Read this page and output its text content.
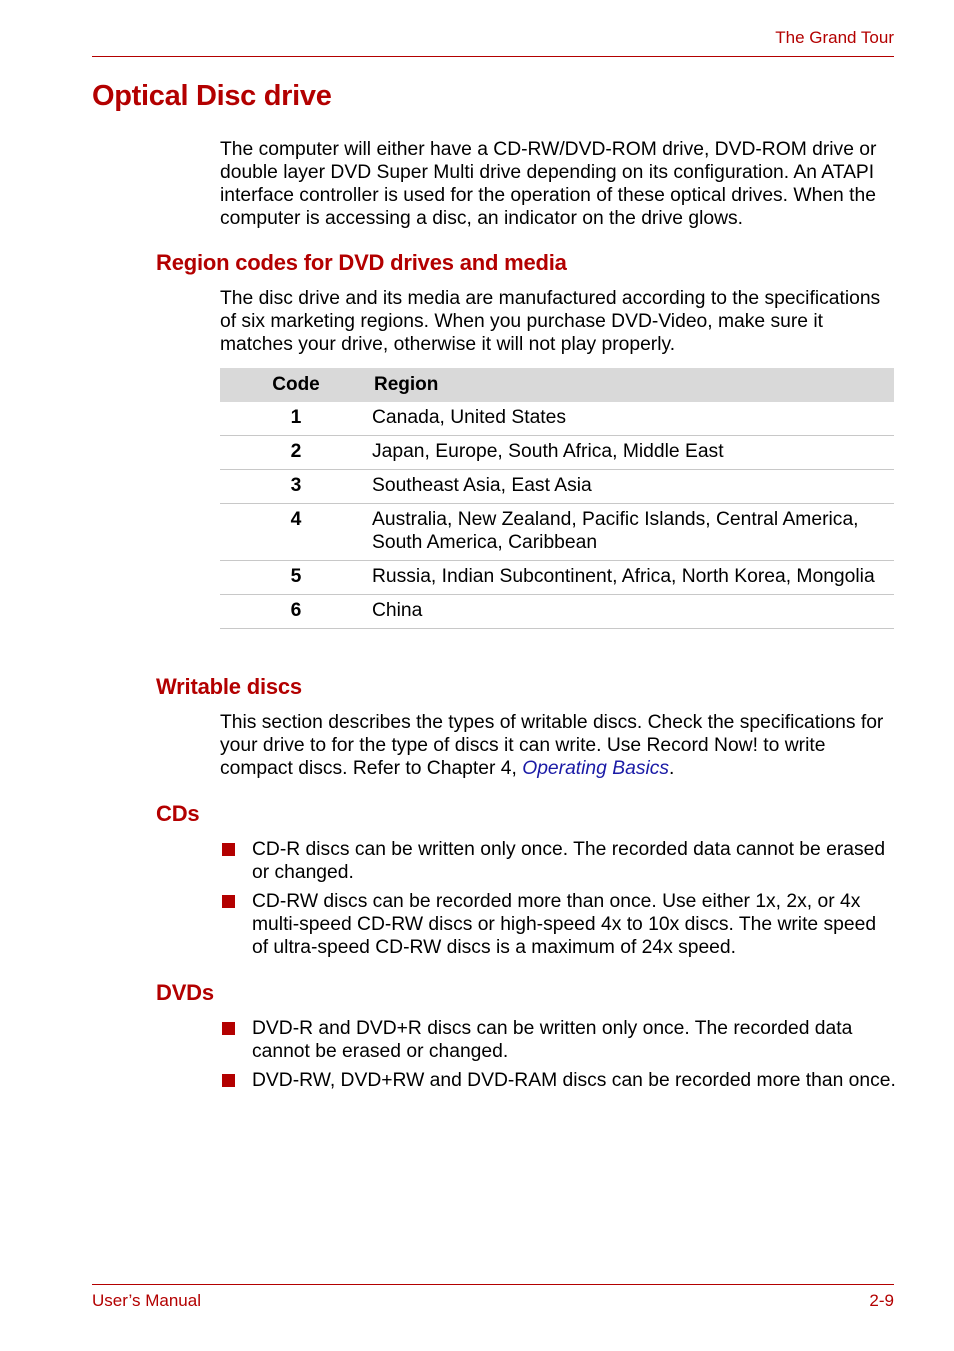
The Grand Tour
Optical Disc drive

The computer will either have a CD-RW/DVD-ROM drive, DVD-ROM drive or double layer DVD Super Multi drive depending on its configuration. An ATAPI interface controller is used for the operation of these optical drives. When the computer is accessing a disc, an indicator on the drive glows.

Region codes for DVD drives and media

The disc drive and its media are manufactured according to the specifications of six marketing regions. When you purchase DVD-Video, make sure it matches your drive, otherwise it will not play properly.

Code	Region
1	Canada, United States
2	Japan, Europe, South Africa, Middle East
3	Southeast Asia, East Asia
4	Australia, New Zealand, Pacific Islands, Central America, South America, Caribbean
5	Russia, Indian Subcontinent, Africa, North Korea, Mongolia
6	China
Writable discs

This section describes the types of writable discs. Check the specifications for your drive to for the type of discs it can write. Use Record Now! to write compact discs. Refer to Chapter 4, Operating Basics.

CDs
CD-R discs can be written only once. The recorded data cannot be erased or changed.
CD-RW discs can be recorded more than once. Use either 1x, 2x, or 4x multi-speed CD-RW discs or high-speed 4x to 10x discs. The write speed of ultra-speed CD-RW discs is a maximum of 24x speed.
DVDs
DVD-R and DVD+R discs can be written only once. The recorded data cannot be erased or changed.
DVD-RW, DVD+RW and DVD-RAM discs can be recorded more than once.
User’s Manual	2-9
